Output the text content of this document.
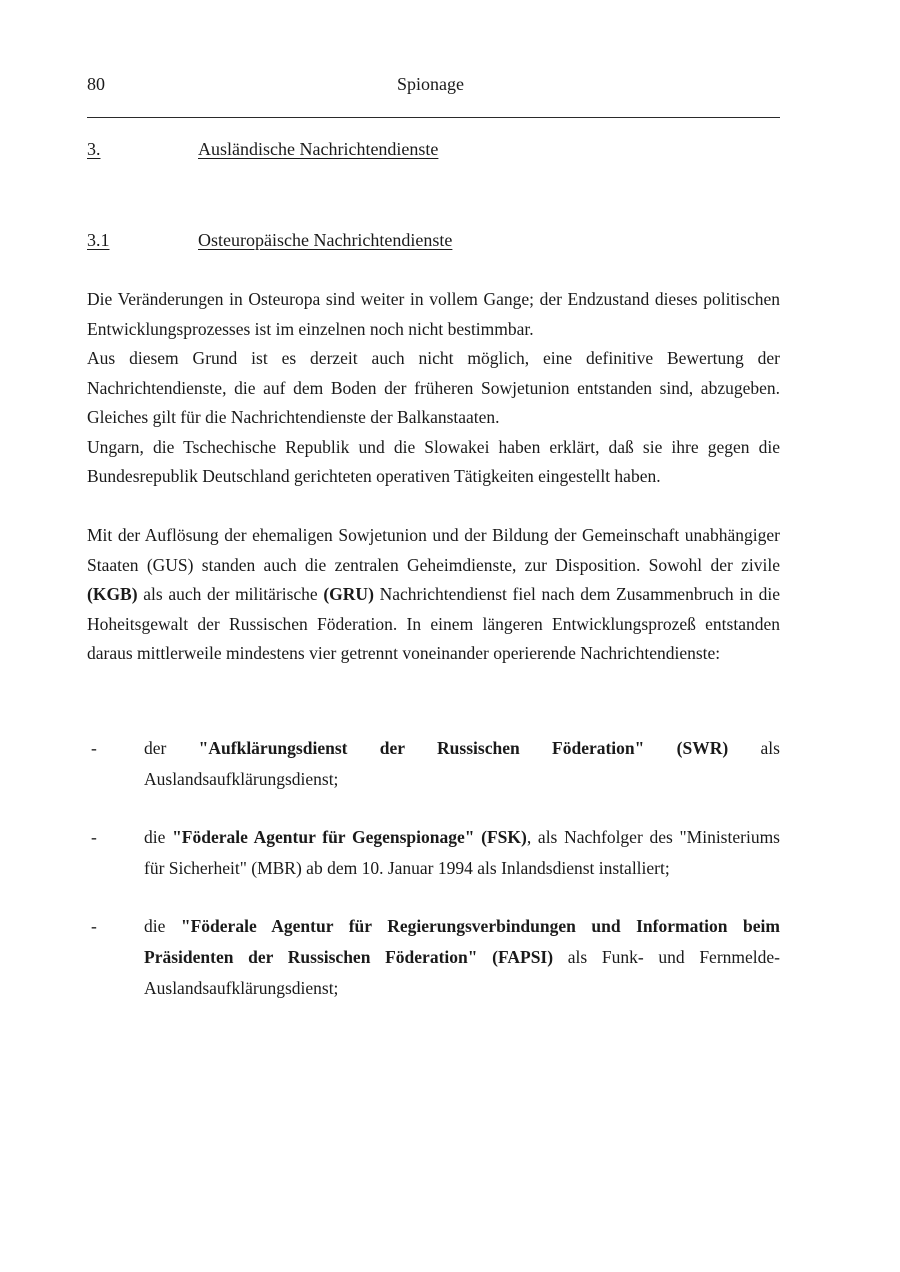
80	Spionage
3.	Ausländische Nachrichtendienste
3.1	Osteuropäische Nachrichtendienste
Die Veränderungen in Osteuropa sind weiter in vollem Gange; der Endzustand dieses politischen Entwicklungsprozesses ist im einzelnen noch nicht bestimmbar.
Aus diesem Grund ist es derzeit auch nicht möglich, eine definitive Bewertung der Nachrichtendienste, die auf dem Boden der früheren Sowjetunion entstanden sind, abzugeben. Gleiches gilt für die Nachrichtendienste der Balkanstaaten.
Ungarn, die Tschechische Republik und die Slowakei haben erklärt, daß sie ihre gegen die Bundesrepublik Deutschland gerichteten operativen Tätigkeiten eingestellt haben.

Mit der Auflösung der ehemaligen Sowjetunion und der Bildung der Gemeinschaft unabhängiger Staaten (GUS) standen auch die zentralen Geheimdienste, zur Disposition. Sowohl der zivile (KGB) als auch der militärische (GRU) Nachrichtendienst fiel nach dem Zusammenbruch in die Hoheitsgewalt der Russischen Föderation. In einem längeren Entwicklungsprozeß entstanden daraus mittlerweile mindestens vier getrennt voneinander operierende Nachrichtendienste:

-	der "Aufklärungsdienst der Russischen Föderation" (SWR) als Auslandsaufklärungsdienst;
-	die "Föderale Agentur für Gegenspionage" (FSK), als Nachfolger des "Ministeriums für Sicherheit" (MBR) ab dem 10. Januar 1994 als Inlandsdienst installiert;
-	die "Föderale Agentur für Regierungsverbindungen und Information beim Präsidenten der Russischen Föderation" (FAPSI) als Funk- und Fernmelde-Auslandsaufklärungsdienst;
